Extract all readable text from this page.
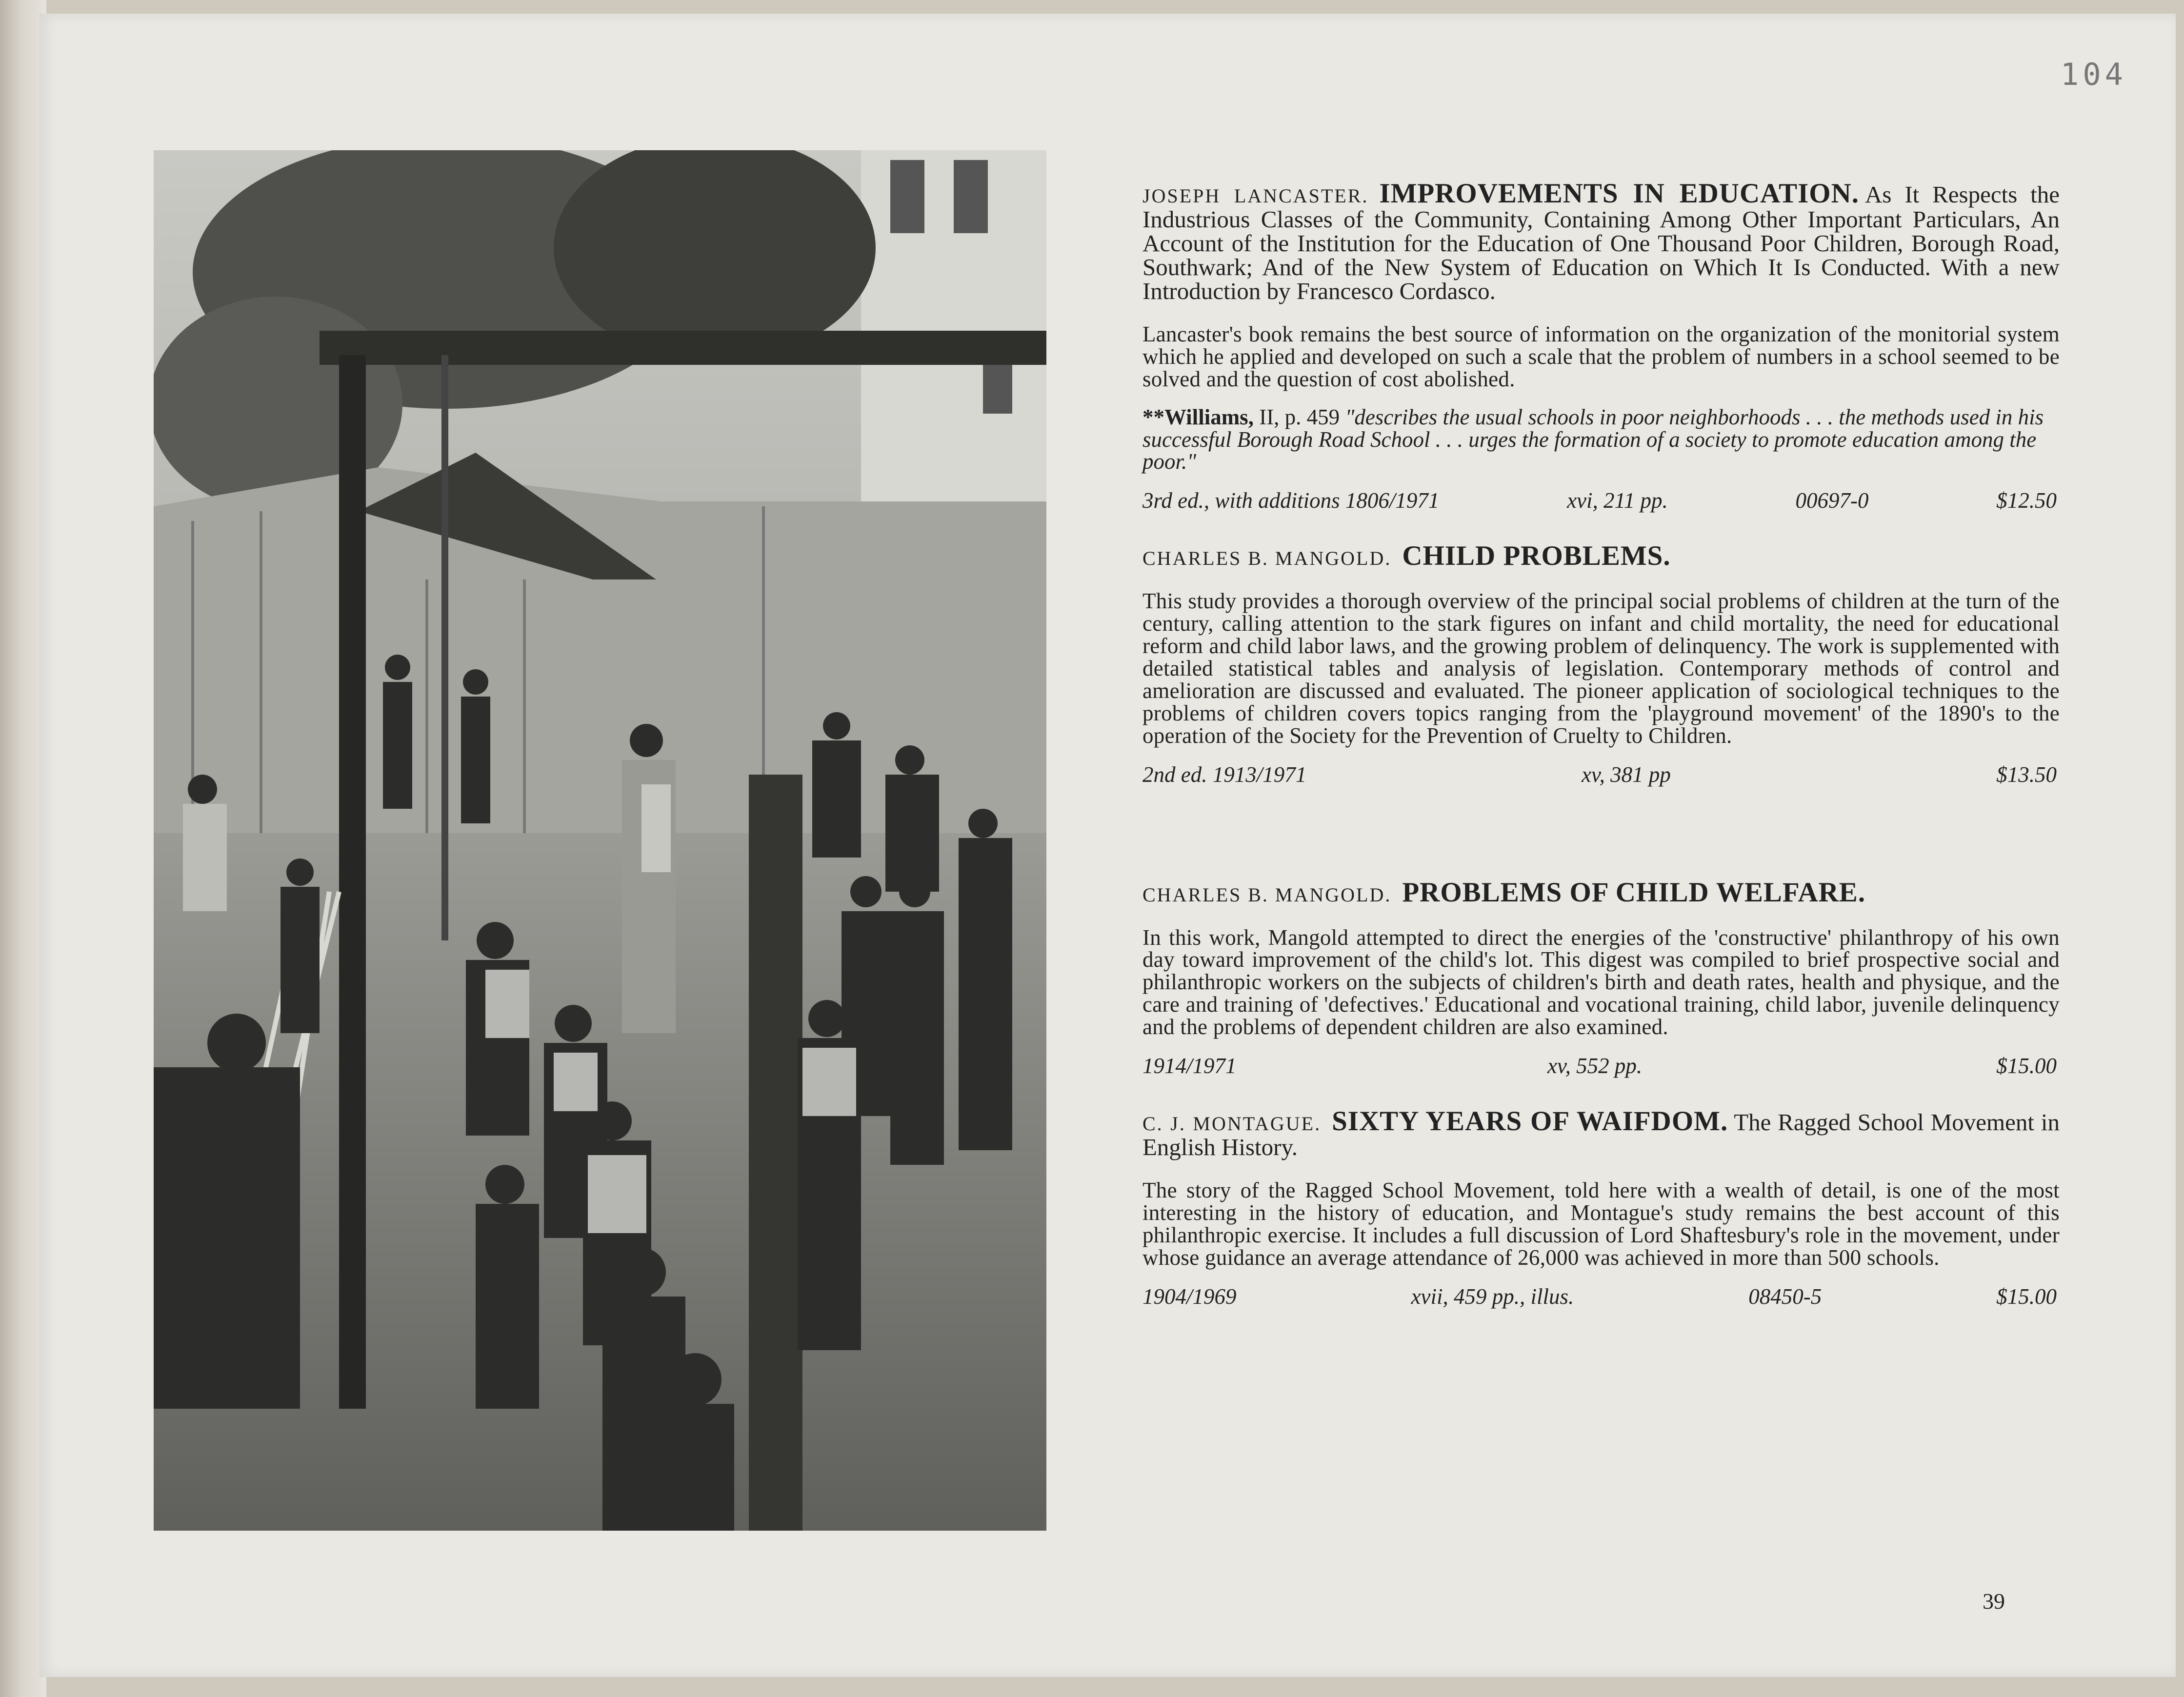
104
JOSEPH LANCASTER. IMPROVEMENTS IN EDUCATION. As It Respects the Industrious Classes of the Community, Containing Among Other Important Particulars, An Account of the Institution for the Education of One Thousand Poor Children, Borough Road, Southwark; And of the New System of Education on Which It Is Conducted. With a new Introduction by Francesco Cordasco.
Lancaster's book remains the best source of information on the organization of the monitorial system which he applied and developed on such a scale that the problem of numbers in a school seemed to be solved and the question of cost abolished.
**Williams, II, p. 459 "describes the usual schools in poor neighborhoods . . . the methods used in his successful Borough Road School . . . urges the formation of a society to promote education among the poor."
3rd ed., with additions 1806/1971	xvi, 211 pp.	00697-0	$12.50
CHARLES B. MANGOLD. CHILD PROBLEMS.
This study provides a thorough overview of the principal social problems of children at the turn of the century, calling attention to the stark figures on infant and child mortality, the need for educational reform and child labor laws, and the growing problem of delinquency. The work is supplemented with detailed statistical tables and analysis of legislation. Contemporary methods of control and amelioration are discussed and evaluated. The pioneer application of sociological techniques to the problems of children covers topics ranging from the 'playground movement' of the 1890's to the operation of the Society for the Prevention of Cruelty to Children.
2nd ed. 1913/1971	xv, 381 pp	$13.50
CHARLES B. MANGOLD. PROBLEMS OF CHILD WELFARE.
In this work, Mangold attempted to direct the energies of the 'constructive' philanthropy of his own day toward improvement of the child's lot. This digest was compiled to brief prospective social and philanthropic workers on the subjects of children's birth and death rates, health and physique, and the care and training of 'defectives.' Educational and vocational training, child labor, juvenile delinquency and the problems of dependent children are also examined.
1914/1971	xv, 552 pp.	$15.00
C. J. MONTAGUE. SIXTY YEARS OF WAIFDOM. The Ragged School Movement in English History.
The story of the Ragged School Movement, told here with a wealth of detail, is one of the most interesting in the history of education, and Montague's study remains the best account of this philanthropic exercise. It includes a full discussion of Lord Shaftesbury's role in the movement, under whose guidance an average attendance of 26,000 was achieved in more than 500 schools.
1904/1969	xvii, 459 pp., illus.	08450-5	$15.00
39
